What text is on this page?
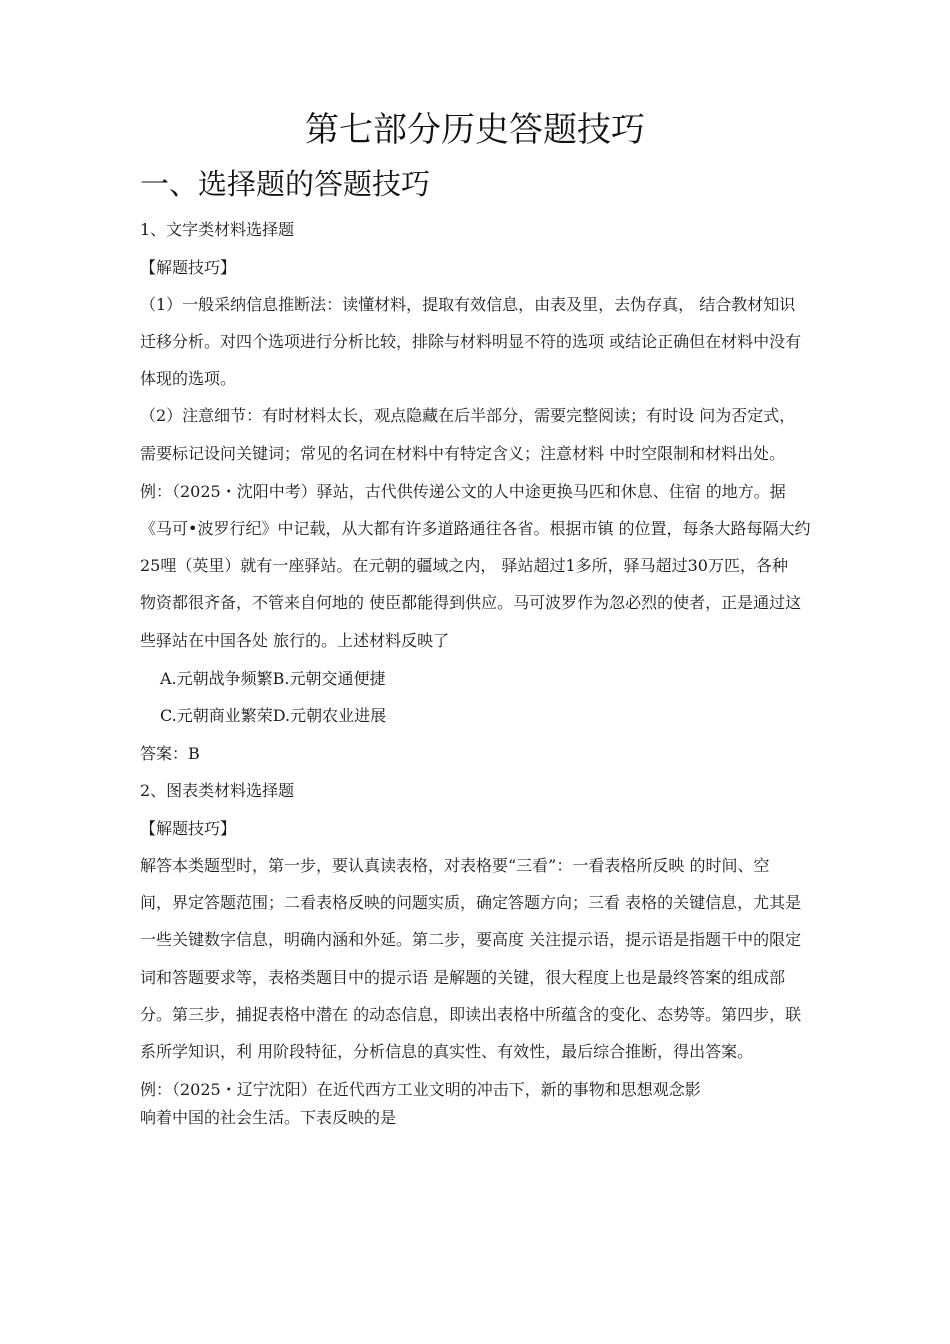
第七部分历史答题技巧
一、选择题的答题技巧
1、文字类材料选择题
【解题技巧】
（1）一般采纳信息推断法：读懂材料，提取有效信息，由表及里，去伪存真， 结合教材知识
迁移分析。对四个选项进行分析比较，排除与材料明显不符的选项 或结论正确但在材料中没有
体现的选项。
（2）注意细节：有时材料太长，观点隐藏在后半部分，需要完整阅读；有时设 问为否定式，
需要标记设问关键词；常见的名词在材料中有特定含义；注意材料 中时空限制和材料出处。
例：（2025・沈阳中考）驿站，古代供传递公文的人中途更换马匹和休息、住宿 的地方。据
《马可•波罗行纪》中记载，从大都有许多道路通往各省。根据市镇 的位置，每条大路每隔大约
25哩（英里）就有一座驿站。在元朝的疆域之内， 驿站超过1多所，驿马超过30万匹，各种
物资都很齐备，不管来自何地的 使臣都能得到供应。马可波罗作为忽必烈的使者，正是通过这
些驿站在中国各处 旅行的。上述材料反映了
A.元朝战争频繁B.元朝交通便捷
C.元朝商业繁荣D.元朝农业进展
答案：B
2、图表类材料选择题
【解题技巧】
解答本类题型时，第一步，要认真读表格，对表格要“三看”：一看表格所反映 的时间、空
间，界定答题范围；二看表格反映的问题实质，确定答题方向；三看 表格的关键信息，尤其是
一些关键数字信息，明确内涵和外延。第二步，要高度 关注提示语，提示语是指题干中的限定
词和答题要求等，表格类题目中的提示语 是解题的关键，很大程度上也是最终答案的组成部
分。第三步，捕捉表格中潜在 的动态信息，即读出表格中所蕴含的变化、态势等。第四步，联
系所学知识，利 用阶段特征，分析信息的真实性、有效性，最后综合推断，得出答案。
例：（2025・辽宁沈阳）在近代西方工业文明的冲击下，新的事物和思想观念影
响着中国的社会生活。下表反映的是
